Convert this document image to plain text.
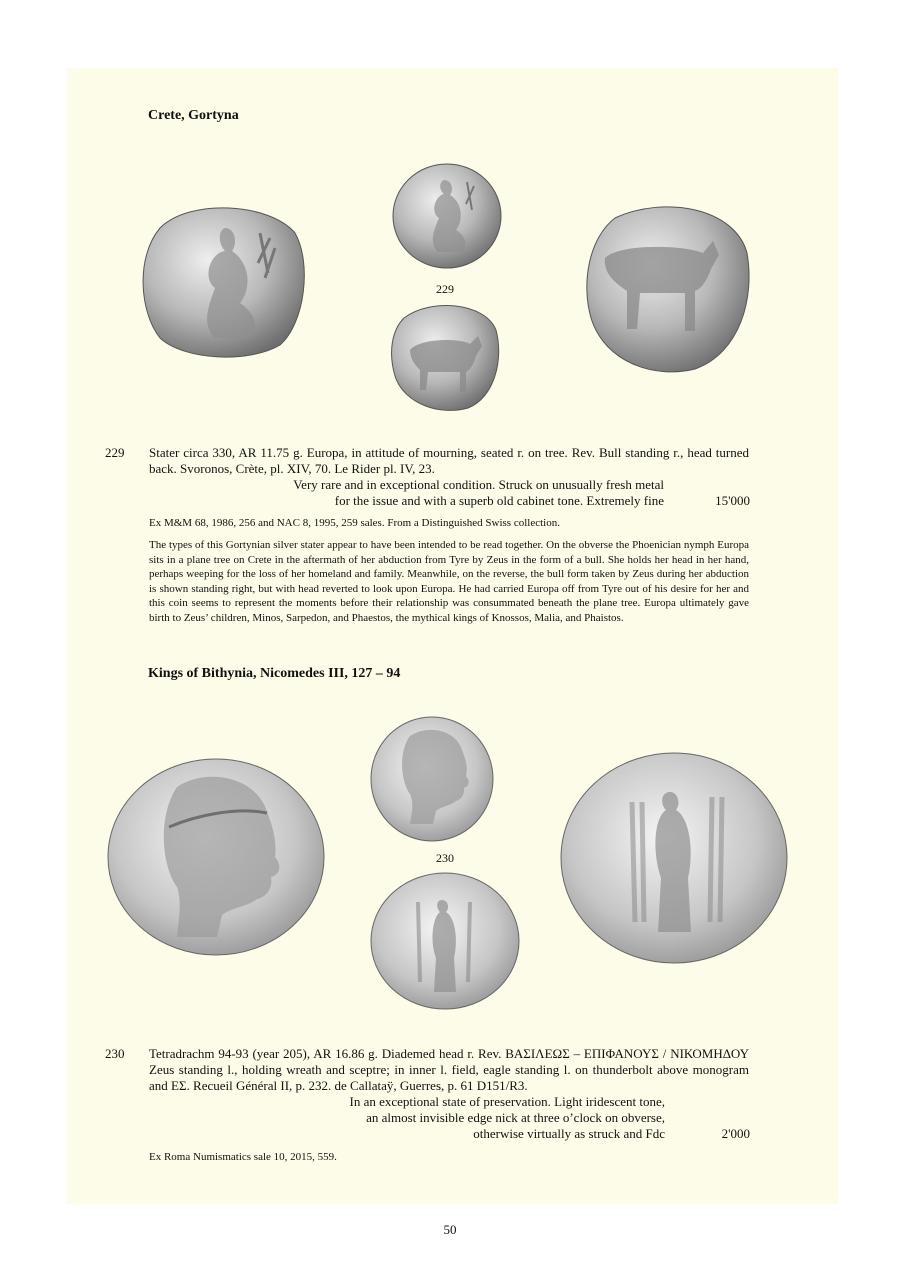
Crete, Gortyna
229
229 Stater circa 330, AR 11.75 g. Europa, in attitude of mourning, seated r. on tree. Rev. Bull standing r., head turned back. Svoronos, Crète, pl. XIV, 70. Le Rider pl. IV, 23.
Very rare and in exceptional condition. Struck on unusually fresh metal
for the issue and with a superb old cabinet tone. Extremely fine	15'000
Ex M&M 68, 1986, 256 and NAC 8, 1995, 259 sales. From a Distinguished Swiss collection.
The types of this Gortynian silver stater appear to have been intended to be read together. On the obverse the Phoenician nymph Europa sits in a plane tree on Crete in the aftermath of her abduction from Tyre by Zeus in the form of a bull. She holds her head in her hand, perhaps weeping for the loss of her homeland and family. Meanwhile, on the reverse, the bull form taken by Zeus during her abduction is shown standing right, but with head reverted to look upon Europa. He had carried Europa off from Tyre out of his desire for her and this coin seems to represent the moments before their relationship was consummated beneath the plane tree. Europa ultimately gave birth to Zeus’ children, Minos, Sarpedon, and Phaestos, the mythical kings of Knossos, Malia, and Phaistos.
Kings of Bithynia, Nicomedes III, 127 – 94
230
230 Tetradrachm 94-93 (year 205), AR 16.86 g. Diademed head r. Rev. ΒΑΣΙΛΕΩΣ – ΕΠΙΦΑΝΟΥΣ / ΝΙΚΟΜΗΔΟΥ Zeus standing l., holding wreath and sceptre; in inner l. field, eagle standing l. on thunderbolt above monogram and ΕΣ. Recueil Général II, p. 232. de Callataÿ, Guerres, p. 61 D151/R3.
In an exceptional state of preservation. Light iridescent tone,
an almost invisible edge nick at three o’clock on obverse,
otherwise virtually as struck and Fdc	2'000
Ex Roma Numismatics sale 10, 2015, 559.
50
